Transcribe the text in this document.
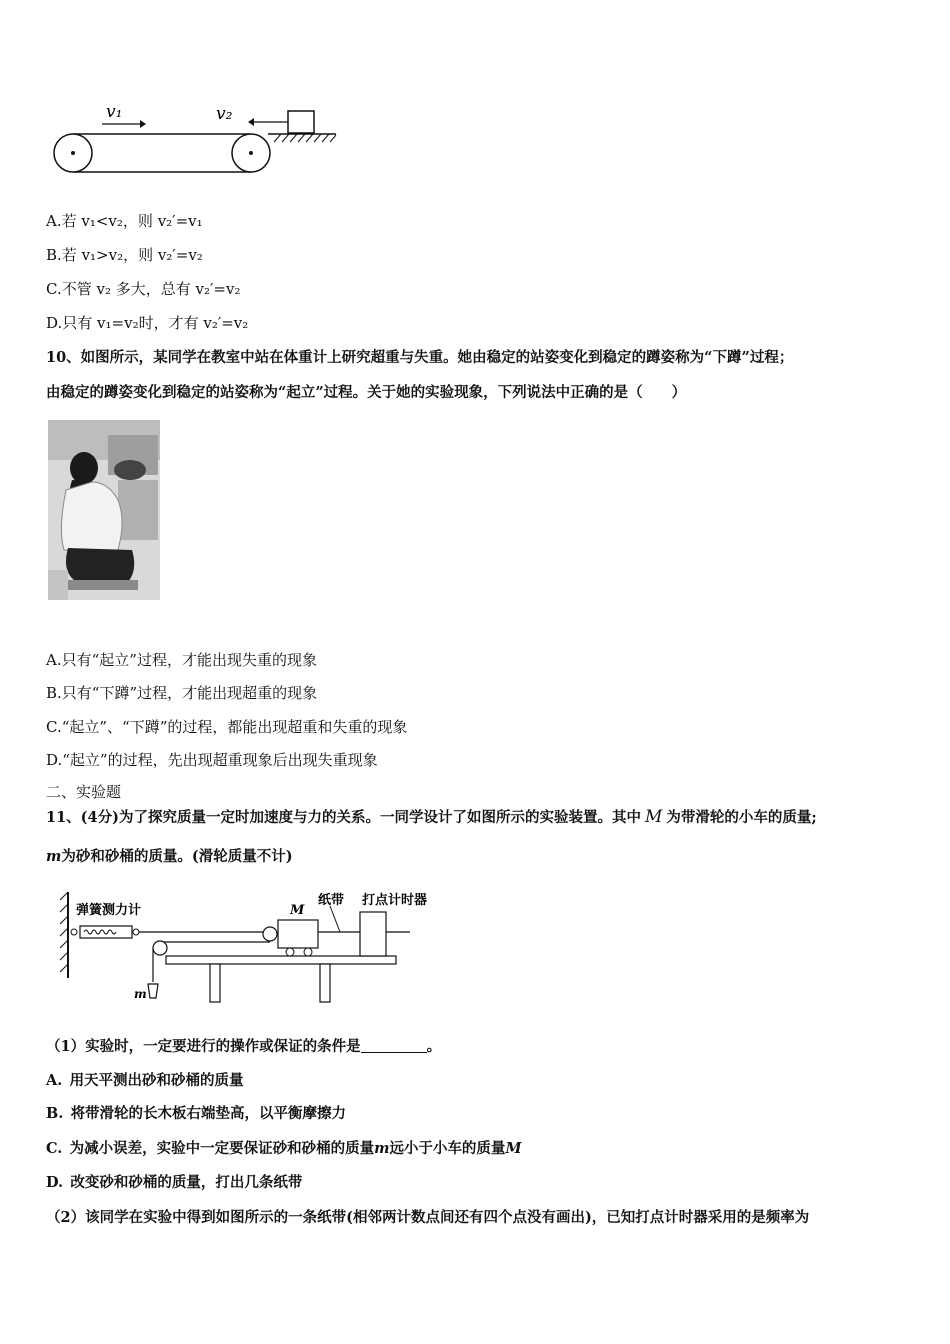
v₁	v₂
A.若 v₁<v₂，则 v₂′=v₁
B.若 v₁>v₂，则 v₂′=v₂
C.不管 v₂ 多大，总有 v₂′=v₂
D.只有 v₁=v₂时，才有 v₂′=v₂
10、如图所示，某同学在教室中站在体重计上研究超重与失重。她由稳定的站姿变化到稳定的蹲姿称为“下蹲”过程；
由稳定的蹲姿变化到稳定的站姿称为“起立”过程。关于她的实验现象，下列说法中正确的是（　　）
A.只有“起立”过程，才能出现失重的现象
B.只有“下蹲”过程，才能出现超重的现象
C.“起立”、“下蹲”的过程，都能出现超重和失重的现象
D.“起立”的过程，先出现超重现象后出现失重现象
二、实验题
11、(4分)为了探究质量一定时加速度与力的关系。一同学设计了如图所示的实验装置。其中 M 为带滑轮的小车的质量;
m为砂和砂桶的质量。(滑轮质量不计)
弹簧测力计
m
M
纸带 打点计时器
（1）实验时，一定要进行的操作或保证的条件是	。
A.  用天平测出砂和砂桶的质量
B.  将带滑轮的长木板右端垫高，以平衡摩擦力
C.  为减小误差，实验中一定要保证砂和砂桶的质量m远小于小车的质量M
D.  改变砂和砂桶的质量，打出几条纸带
（2）该同学在实验中得到如图所示的一条纸带(相邻两计数点间还有四个点没有画出)，已知打点计时器采用的是频率为
